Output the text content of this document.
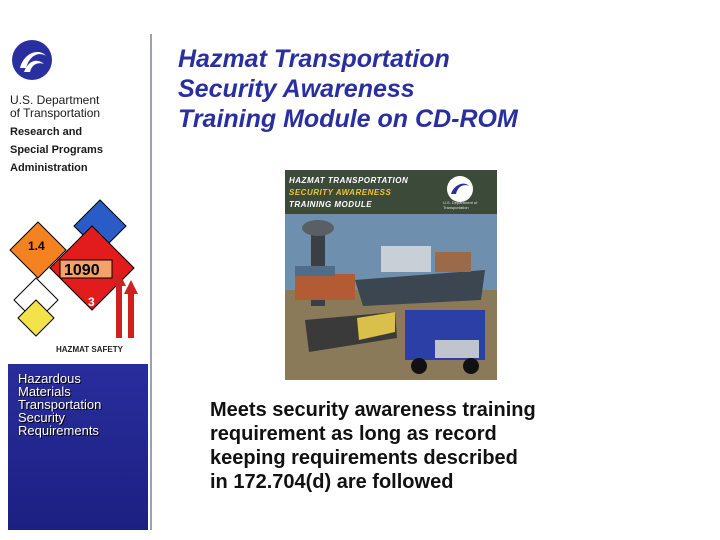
U.S. Department
of Transportation
Research and
Special Programs
Administration
1.4
1090
3
HAZMAT SAFETY
Hazardous
Materials
Transportation
Security
Requirements
Hazmat Transportation
Security Awareness
Training Module on CD-ROM
HAZMAT TRANSPORTATION
SECURITY AWARENESS
TRAINING MODULE	U.S. Department of Transportation
Meets security awareness training
requirement as long as record
keeping requirements described
in 172.704(d) are followed
